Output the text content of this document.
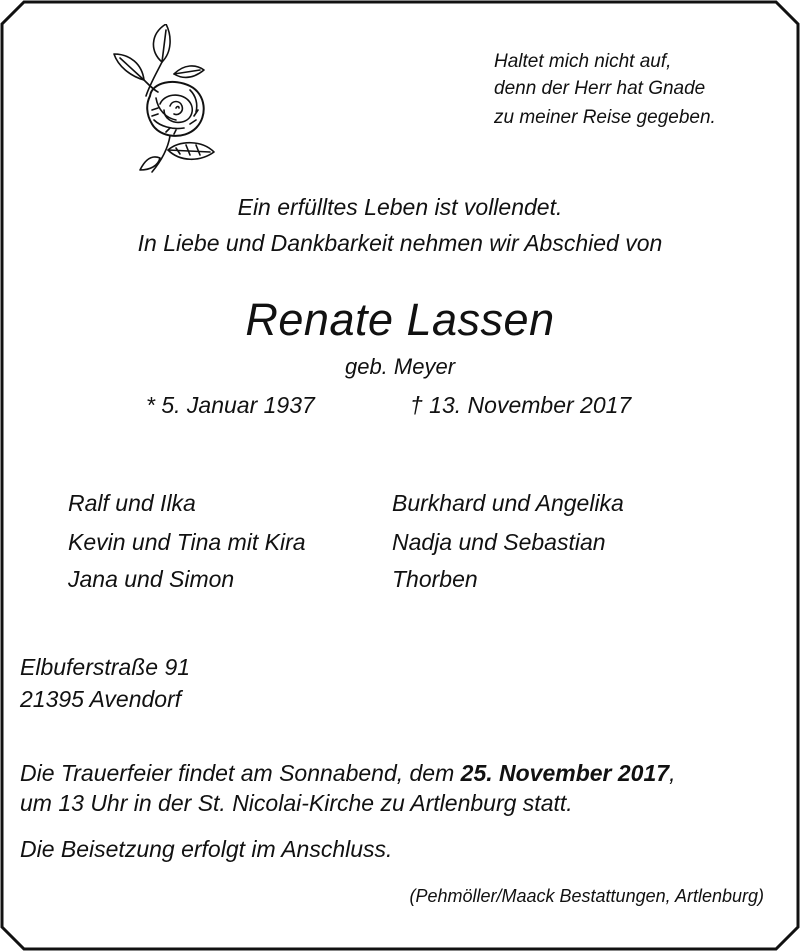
Haltet mich nicht auf,

denn der Herr hat Gnade

zu meiner Reise gegeben.

Ein erfülltes Leben ist vollendet.

In Liebe und Dankbarkeit nehmen wir Abschied von

Renate Lassen

geb. Meyer

* 5. Januar 1937	† 13. November 2017

Ralf und Ilka

Kevin und Tina mit Kira

Jana und Simon

Burkhard und Angelika

Nadja und Sebastian

Thorben

Elbuferstraße 91

21395 Avendorf

Die Trauerfeier findet am Sonnabend, dem 25. November 2017,

um 13 Uhr in der St. Nicolai-Kirche zu Artlenburg statt.

Die Beisetzung erfolgt im Anschluss.

(Pehmöller/Maack Bestattungen, Artlenburg)
